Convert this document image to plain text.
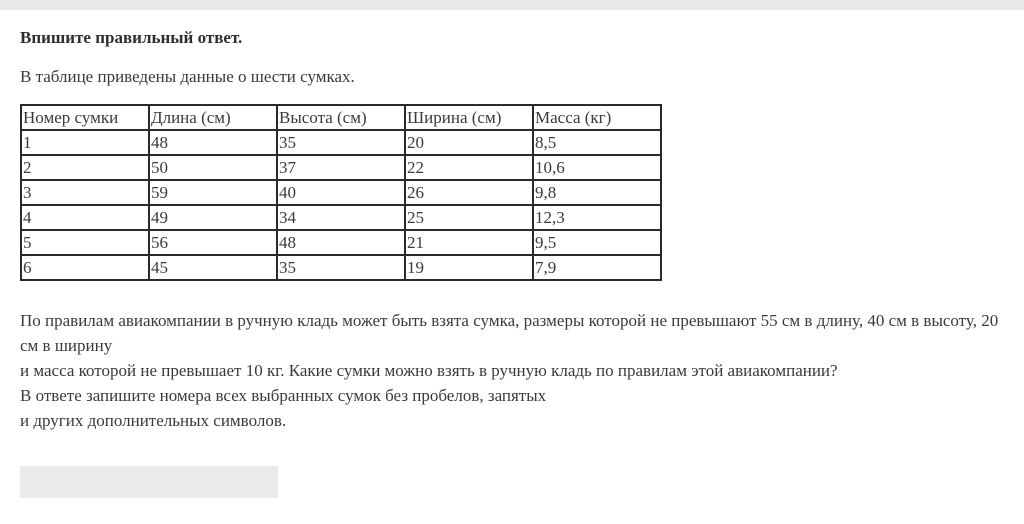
Впишите правильный ответ.

В таблице приведены данные о шести сумках.

Номер сумки	Длина (см)	Высота (см)	Ширина (см)	Масса (кг)
1	48	35	20	8,5
2	50	37	22	10,6
3	59	40	26	9,8
4	49	34	25	12,3
5	56	48	21	9,5
6	45	35	19	7,9

По правилам авиакомпании в ручную кладь может быть взята сумка, размеры которой не превышают 55 см в длину, 40 см в высоту, 20 см в ширину

и масса которой не превышает 10 кг. Какие сумки можно взять в ручную кладь по правилам этой авиакомпании?

В ответе запишите номера всех выбранных сумок без пробелов, запятых

и других дополнительных символов.
